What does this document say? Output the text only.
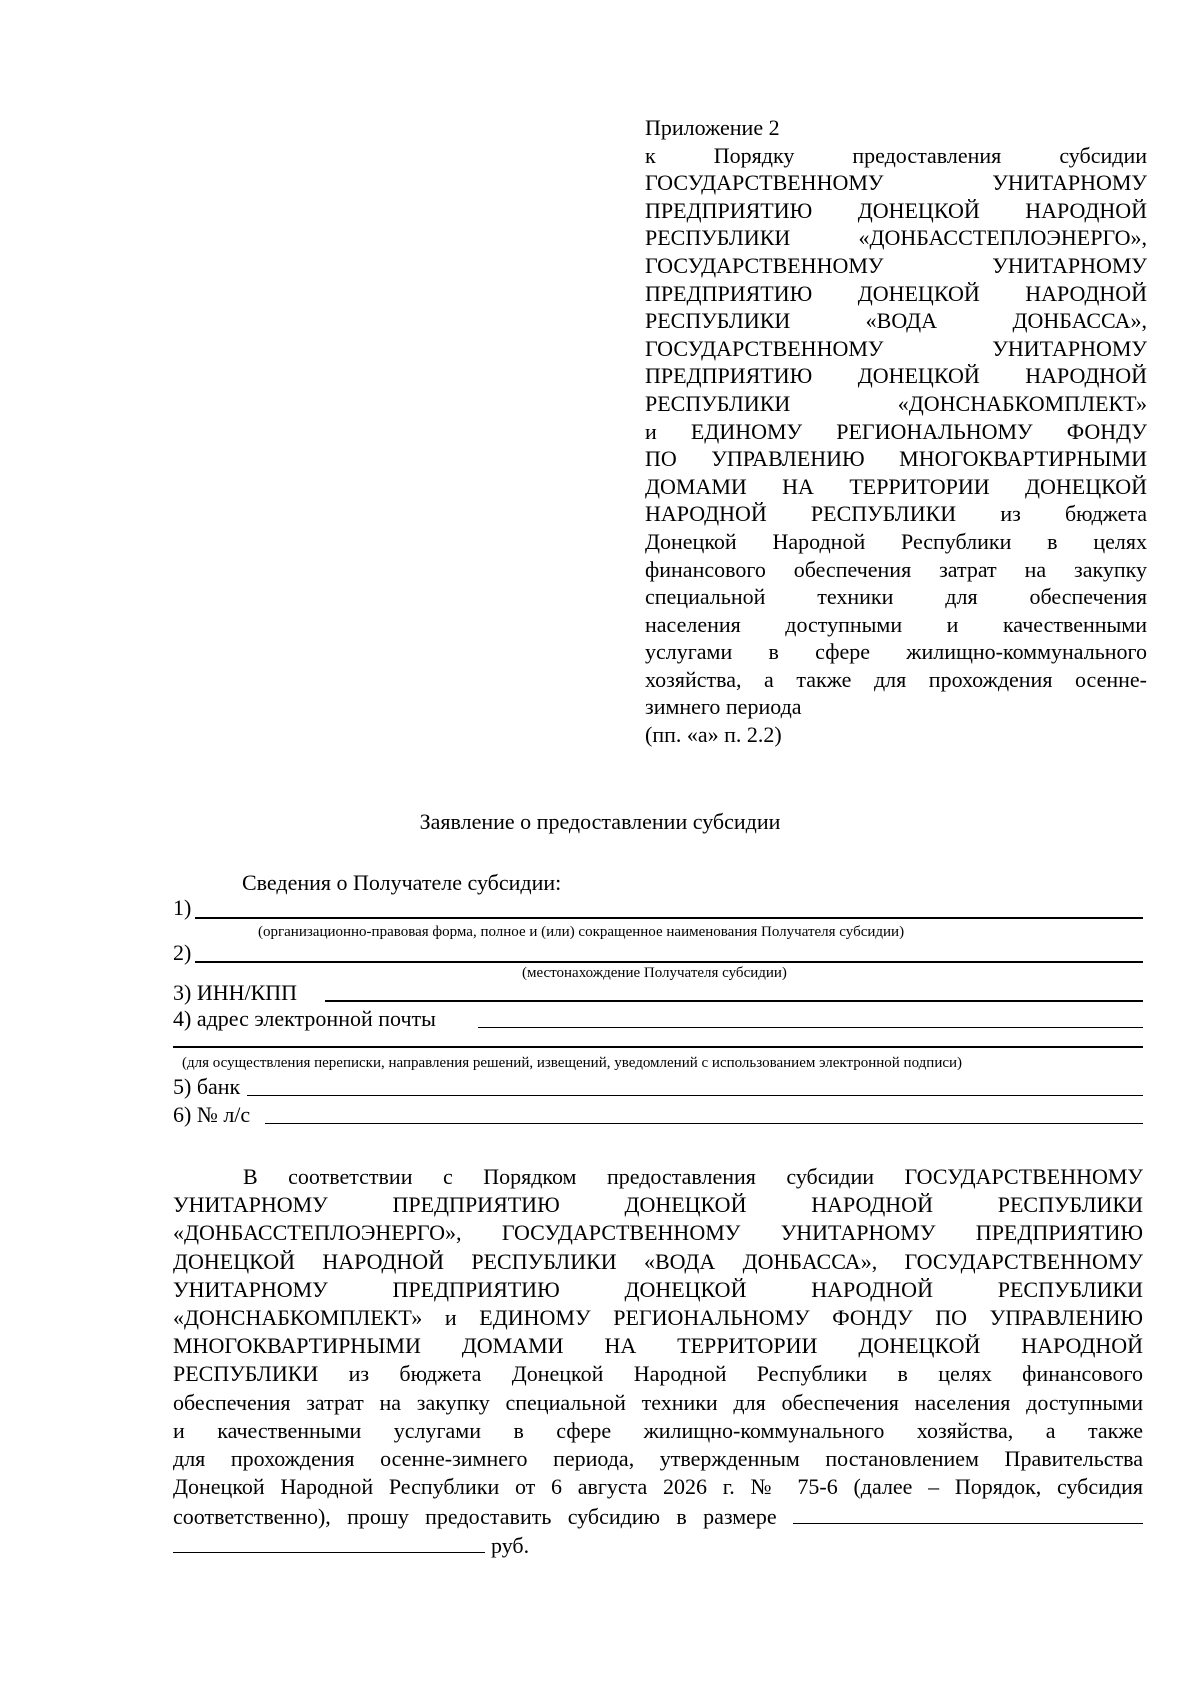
Приложение 2
к Порядку предоставления субсидии
ГОСУДАРСТВЕННОМУ УНИТАРНОМУ
ПРЕДПРИЯТИЮ ДОНЕЦКОЙ НАРОДНОЙ
РЕСПУБЛИКИ «ДОНБАССТЕПЛОЭНЕРГО»,
ГОСУДАРСТВЕННОМУ УНИТАРНОМУ
ПРЕДПРИЯТИЮ ДОНЕЦКОЙ НАРОДНОЙ
РЕСПУБЛИКИ «ВОДА ДОНБАССА»,
ГОСУДАРСТВЕННОМУ УНИТАРНОМУ
ПРЕДПРИЯТИЮ ДОНЕЦКОЙ НАРОДНОЙ
РЕСПУБЛИКИ «ДОНСНАБКОМПЛЕКТ»
и ЕДИНОМУ РЕГИОНАЛЬНОМУ ФОНДУ
ПО УПРАВЛЕНИЮ МНОГОКВАРТИРНЫМИ
ДОМАМИ НА ТЕРРИТОРИИ ДОНЕЦКОЙ
НАРОДНОЙ РЕСПУБЛИКИ из бюджета
Донецкой Народной Республики в целях
финансового обеспечения затрат на закупку
специальной техники для обеспечения
населения доступными и качественными
услугами в сфере жилищно-коммунального
хозяйства, а также для прохождения осенне-
зимнего периода
(пп. «а» п. 2.2)
Заявление о предоставлении субсидии
Сведения о Получателе субсидии:
1)
(организационно-правовая форма, полное и (или) сокращенное наименования Получателя субсидии)
2)
(местонахождение Получателя субсидии)
3) ИНН/КПП
4) адрес электронной почты
(для осуществления переписки, направления решений, извещений, уведомлений с использованием электронной подписи)
5) банк
6) № л/с
В соответствии с Порядком предоставления субсидии ГОСУДАРСТВЕННОМУ
УНИТАРНОМУ ПРЕДПРИЯТИЮ ДОНЕЦКОЙ НАРОДНОЙ РЕСПУБЛИКИ
«ДОНБАССТЕПЛОЭНЕРГО», ГОСУДАРСТВЕННОМУ УНИТАРНОМУ ПРЕДПРИЯТИЮ
ДОНЕЦКОЙ НАРОДНОЙ РЕСПУБЛИКИ «ВОДА ДОНБАССА», ГОСУДАРСТВЕННОМУ
УНИТАРНОМУ ПРЕДПРИЯТИЮ ДОНЕЦКОЙ НАРОДНОЙ РЕСПУБЛИКИ
«ДОНСНАБКОМПЛЕКТ» и ЕДИНОМУ РЕГИОНАЛЬНОМУ ФОНДУ ПО УПРАВЛЕНИЮ
МНОГОКВАРТИРНЫМИ ДОМАМИ НА ТЕРРИТОРИИ ДОНЕЦКОЙ НАРОДНОЙ
РЕСПУБЛИКИ из бюджета Донецкой Народной Республики в целях финансового
обеспечения затрат на закупку специальной техники для обеспечения населения доступными
и качественными услугами в сфере жилищно-коммунального хозяйства, а также
для прохождения осенне-зимнего периода, утвержденным постановлением Правительства
Донецкой Народной Республики от 6 августа 2026 г. № 75-6 (далее – Порядок, субсидия
соответственно), прошу предоставить субсидию в размере
руб.
